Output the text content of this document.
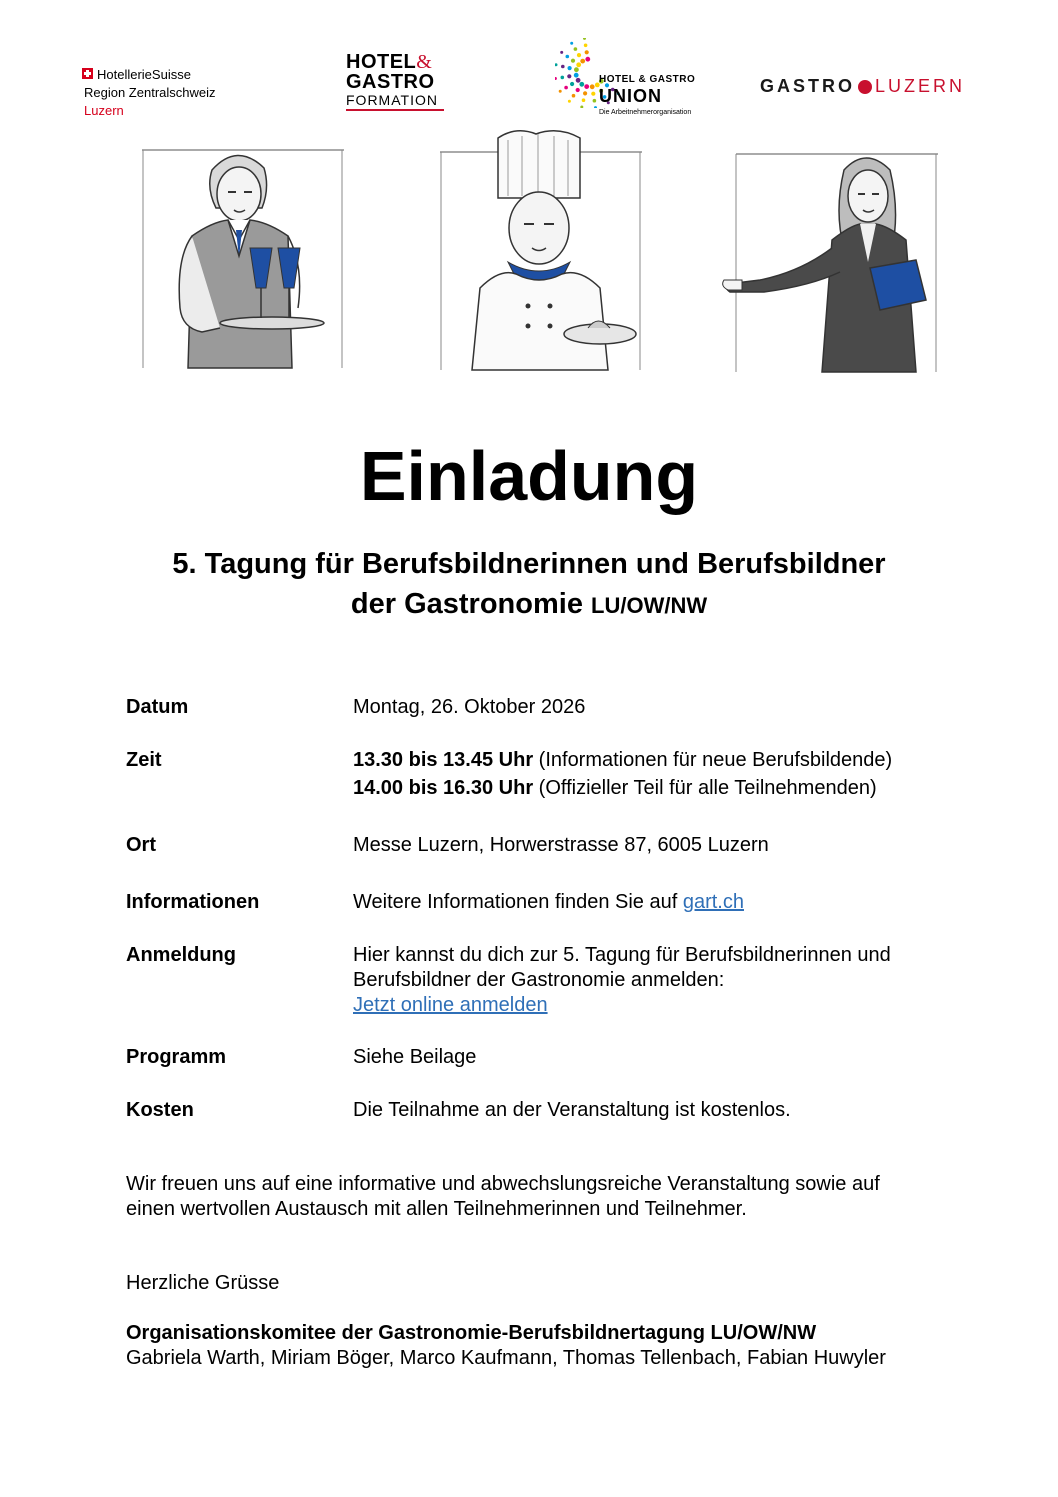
HotellerieSuisse
Region Zentralschweiz
Luzern
HOTEL&
GASTRO
FORMATION
HOTEL & GASTRO
UNION
Die Arbeitnehmerorganisation
GASTRO LUZERN
Einladung
5. Tagung für Berufsbildnerinnen und Berufsbildner
der Gastronomie LU/OW/NW
Datum	Montag, 26. Oktober 2026
Zeit	13.30 bis 13.45 Uhr (Informationen für neue Berufsbildende)
14.00 bis 16.30 Uhr (Offizieller Teil für alle Teilnehmenden)
Ort	Messe Luzern, Horwerstrasse 87, 6005 Luzern
Informationen	Weitere Informationen finden Sie auf gart.ch
Anmeldung	Hier kannst du dich zur 5. Tagung für Berufsbildnerinnen und
Berufsbildner der Gastronomie anmelden:
Jetzt online anmelden
Programm	Siehe Beilage
Kosten	Die Teilnahme an der Veranstaltung ist kostenlos.
Wir freuen uns auf eine informative und abwechslungsreiche Veranstaltung sowie auf
einen wertvollen Austausch mit allen Teilnehmerinnen und Teilnehmer.
Herzliche Grüsse
Organisationskomitee der Gastronomie-Berufsbildnertagung LU/OW/NW
Gabriela Warth, Miriam Böger, Marco Kaufmann, Thomas Tellenbach, Fabian Huwyler
